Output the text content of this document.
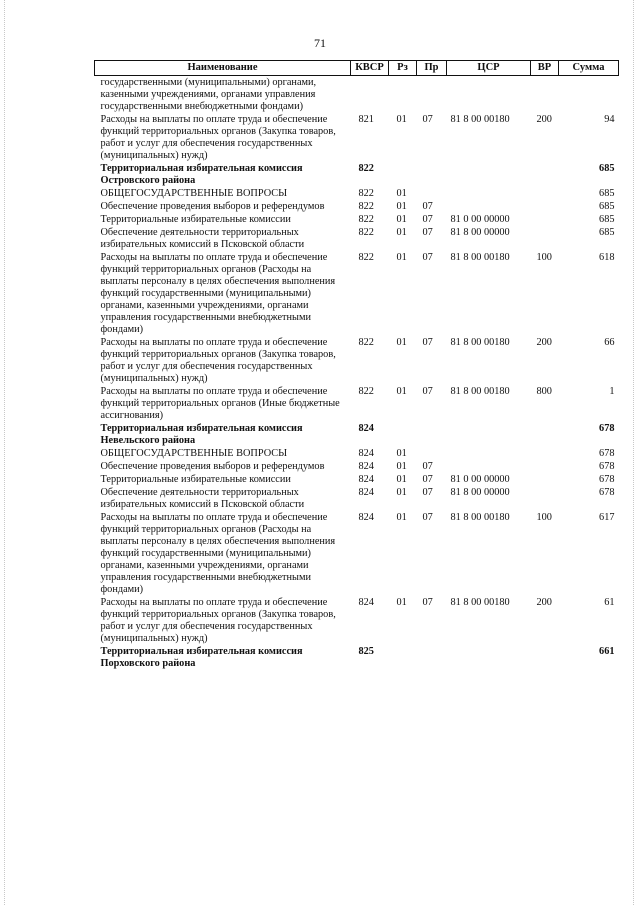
71
Наименование	КВСР	Рз	Пр	ЦСР	ВР	Сумма
государственными (муниципальными) органами, казенными учреждениями, органами управления государственными внебюджетными фондами)						
Расходы на выплаты по оплате труда и обеспечение функций территориальных органов (Закупка товаров, работ и услуг для обеспечения государственных (муниципальных) нужд)	821	01	07	81 8 00 00180	200	94
Территориальная избирательная комиссия Островского района	822					685
ОБЩЕГОСУДАРСТВЕННЫЕ ВОПРОСЫ	822	01				685
Обеспечение проведения выборов и референдумов	822	01	07			685
Территориальные избирательные комиссии	822	01	07	81 0 00 00000		685
Обеспечение деятельности территориальных избирательных комиссий в Псковской области	822	01	07	81 8 00 00000		685
Расходы на выплаты по оплате труда и обеспечение функций территориальных органов (Расходы на выплаты персоналу в целях обеспечения выполнения функций государственными (муниципальными) органами, казенными учреждениями, органами управления государственными внебюджетными фондами)	822	01	07	81 8 00 00180	100	618
Расходы на выплаты по оплате труда и обеспечение функций территориальных органов (Закупка товаров, работ и услуг для обеспечения государственных (муниципальных) нужд)	822	01	07	81 8 00 00180	200	66
Расходы на выплаты по оплате труда и обеспечение функций территориальных органов (Иные бюджетные ассигнования)	822	01	07	81 8 00 00180	800	1
Территориальная избирательная комиссия Невельского района	824					678
ОБЩЕГОСУДАРСТВЕННЫЕ ВОПРОСЫ	824	01				678
Обеспечение проведения выборов и референдумов	824	01	07			678
Территориальные избирательные комиссии	824	01	07	81 0 00 00000		678
Обеспечение деятельности территориальных избирательных комиссий в Псковской области	824	01	07	81 8 00 00000		678
Расходы на выплаты по оплате труда и обеспечение функций территориальных органов (Расходы на выплаты персоналу в целях обеспечения выполнения функций государственными (муниципальными) органами, казенными учреждениями, органами управления государственными внебюджетными фондами)	824	01	07	81 8 00 00180	100	617
Расходы на выплаты по оплате труда и обеспечение функций территориальных органов (Закупка товаров, работ и услуг для обеспечения государственных (муниципальных) нужд)	824	01	07	81 8 00 00180	200	61
Территориальная избирательная комиссия Порховского района	825					661
